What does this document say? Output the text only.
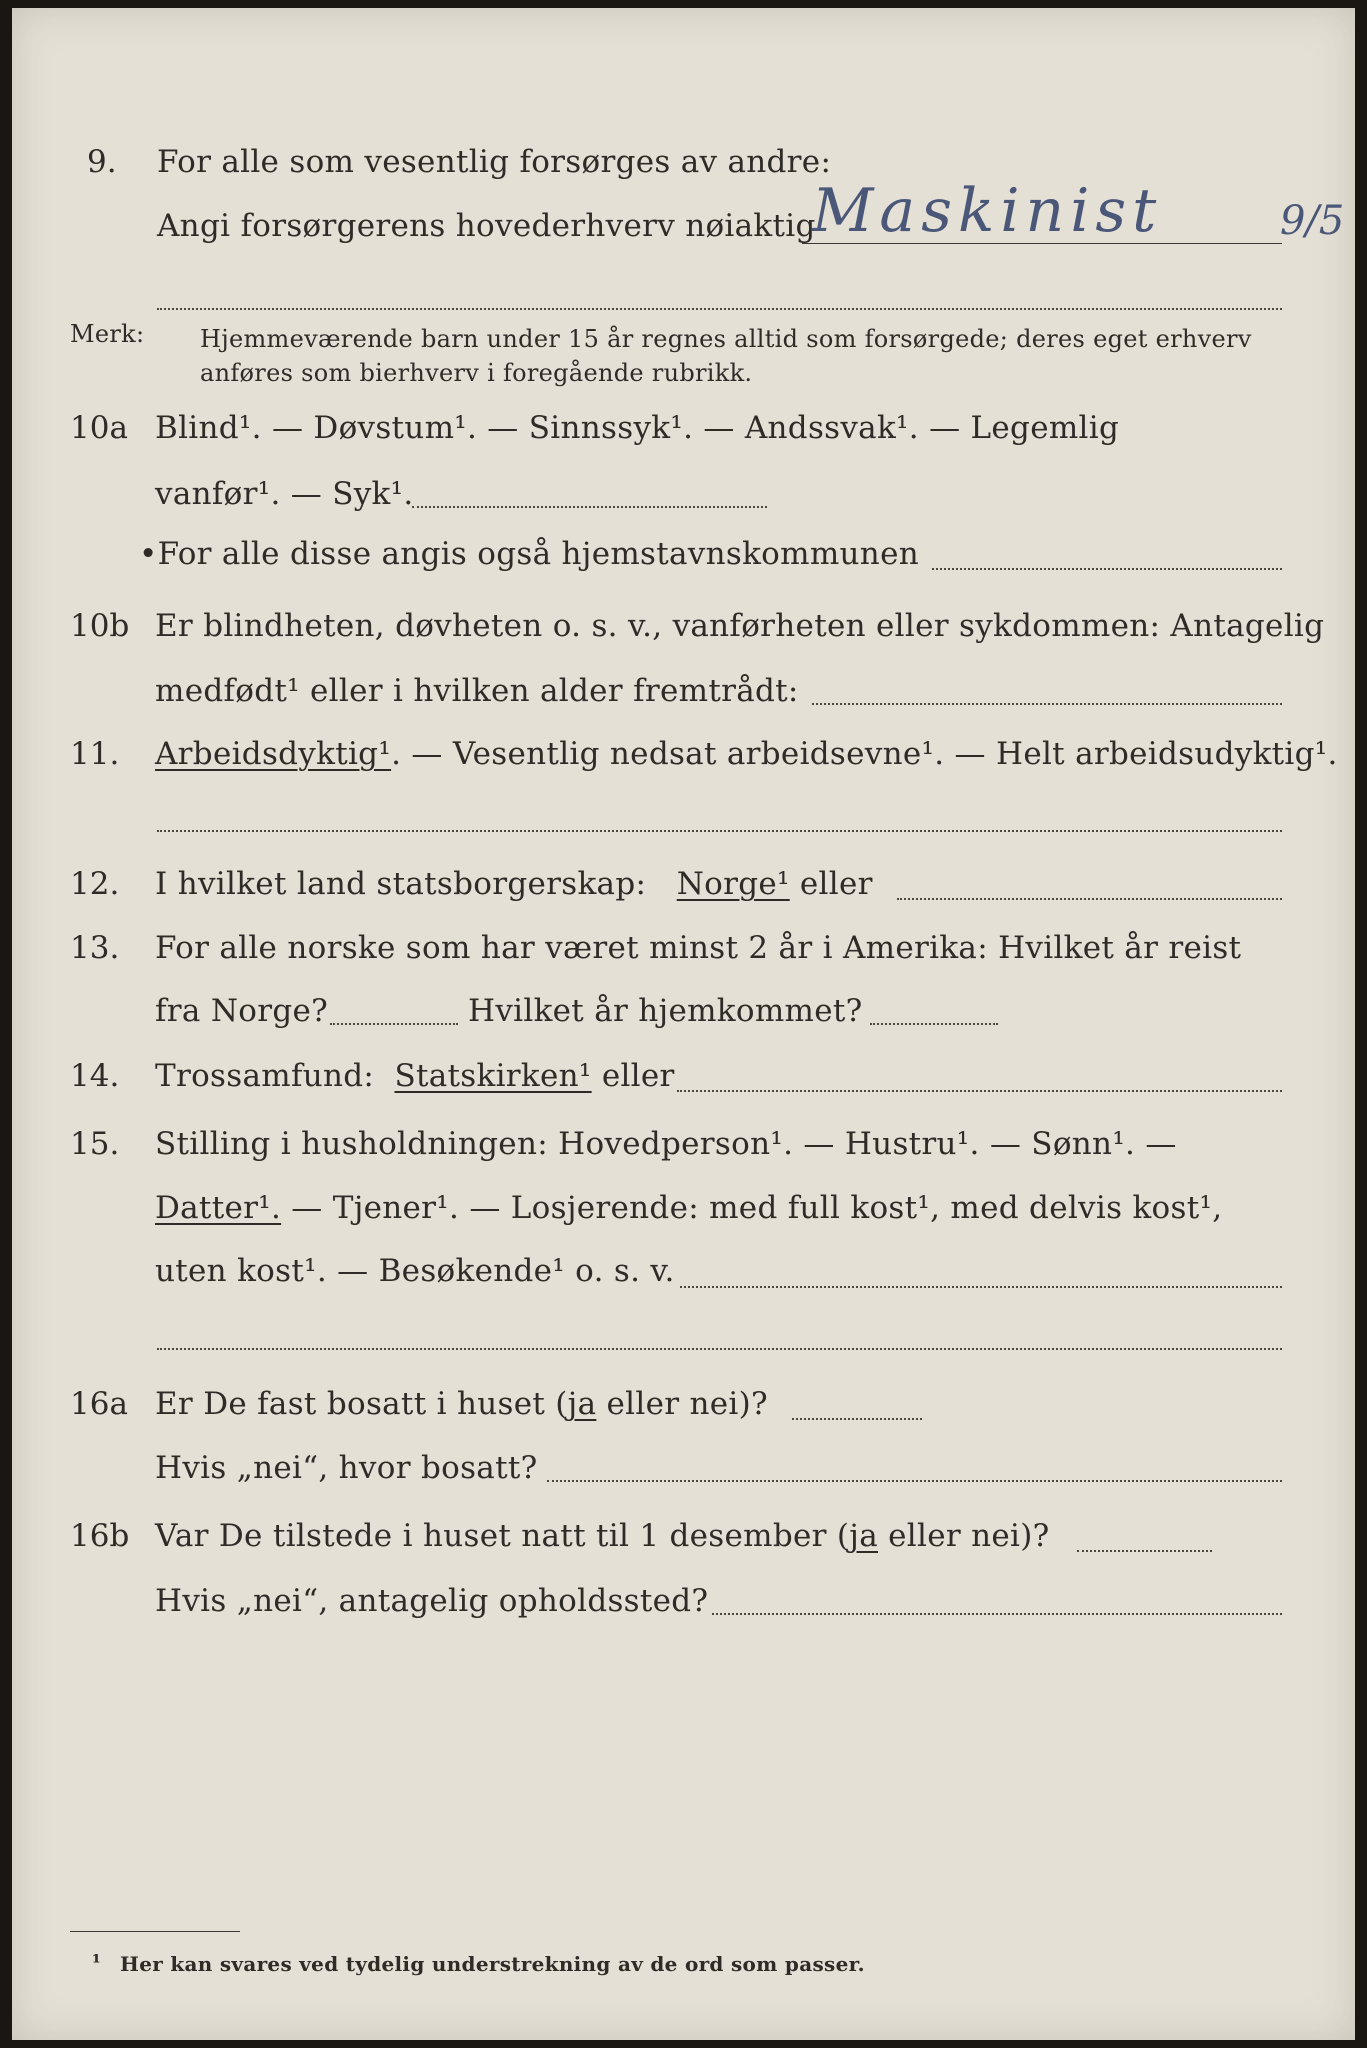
9. For alle som vesentlig forsørges av andre:
Angi forsørgerens hovederhverv nøiaktig
Maskinist	9/5
Merk: Hjemmeværende barn under 15 år regnes alltid som forsørgede; deres eget erhverv
anføres som bierhverv i foregående rubrikk.
10a Blind¹. — Døvstum¹. — Sinnssyk¹. — Andssvak¹. — Legemlig
vanfør¹. — Syk¹.
•For alle disse angis også hjemstavnskommunen
10b Er blindheten, døvheten o. s. v., vanførheten eller sykdommen: Antagelig
medfødt¹ eller i hvilken alder fremtrådt:
11. Arbeidsdyktig¹. — Vesentlig nedsat arbeidsevne¹. — Helt arbeidsudyktig¹.
12. I hvilket land statsborgerskap: Norge¹ eller
13. For alle norske som har været minst 2 år i Amerika: Hvilket år reist
fra Norge?	Hvilket år hjemkommet?
14. Trossamfund: Statskirken¹ eller
15. Stilling i husholdningen: Hovedperson¹. — Hustru¹. — Sønn¹. —
Datter¹. — Tjener¹. — Losjerende: med full kost¹, med delvis kost¹,
uten kost¹. — Besøkende¹ o. s. v.
16a Er De fast bosatt i huset (ja eller nei)?
Hvis „nei“, hvor bosatt?
16b Var De tilstede i huset natt til 1 desember (ja eller nei)?
Hvis „nei“, antagelig opholdssted?
¹ Her kan svares ved tydelig understrekning av de ord som passer.
